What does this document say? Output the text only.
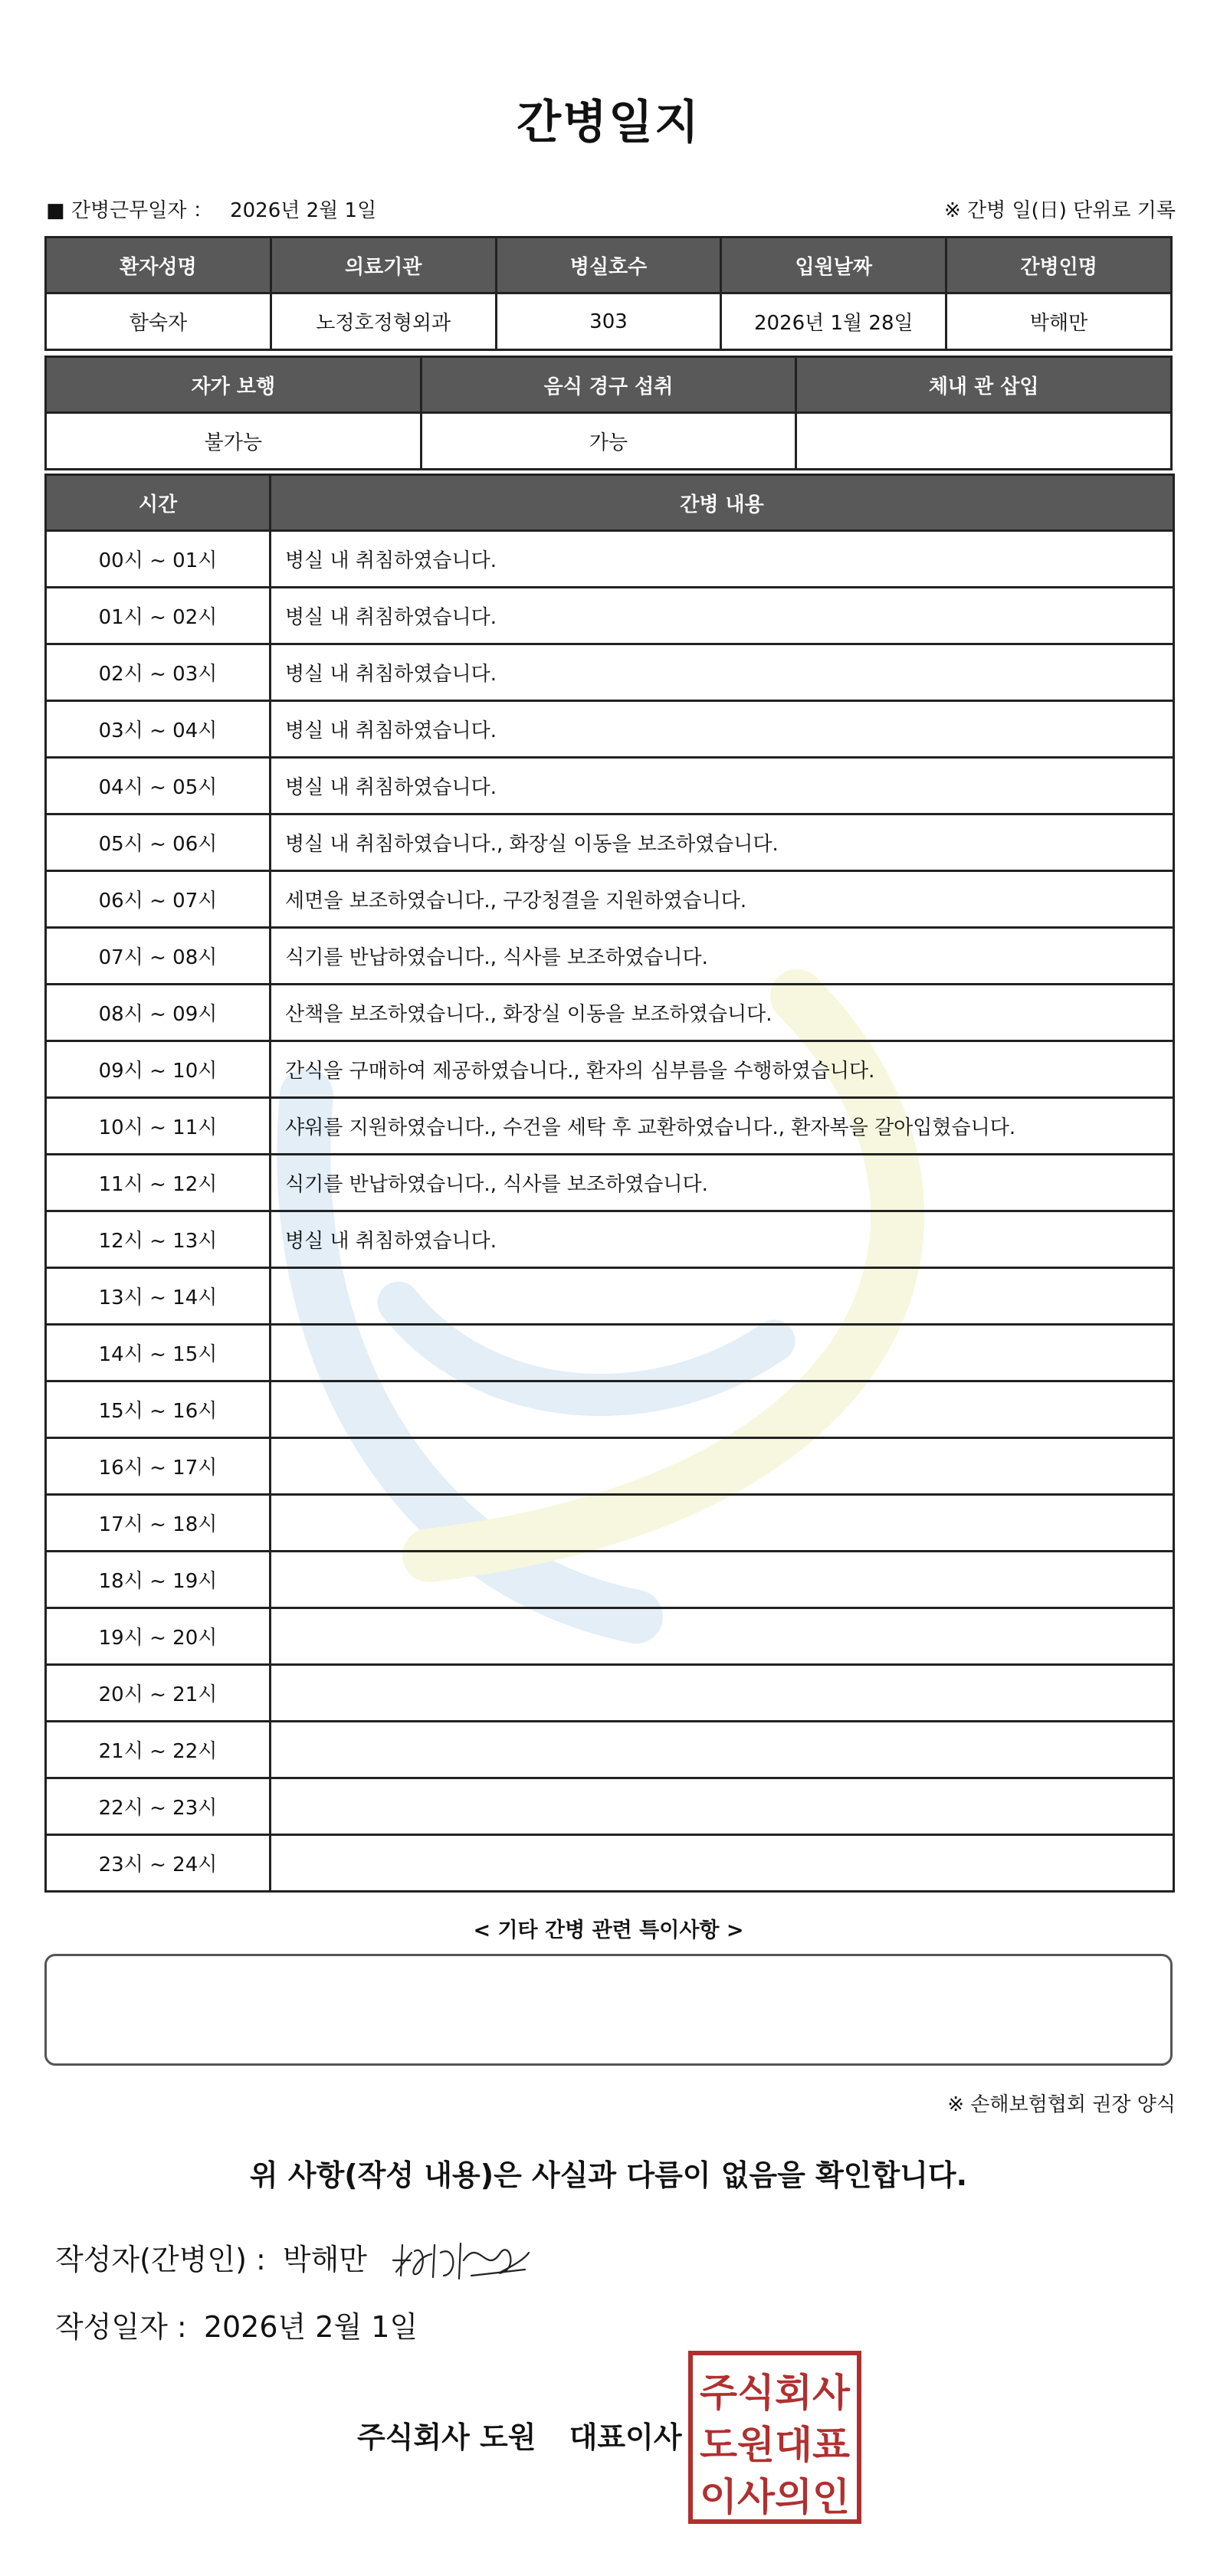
간병일지
■ 간병근무일자 ： 2026년 2월 1일	※ 간병 일(日) 단위로 기록
환자성명	의료기관	병실호수	입원날짜	간병인명
함숙자	노정호정형외과	303	2026년 1월 28일	박해만
자가 보행	음식 경구 섭취	체내 관 삽입
불가능	가능	
시간	간병 내용
00시 ~ 01시	병실 내 취침하였습니다.
01시 ~ 02시	병실 내 취침하였습니다.
02시 ~ 03시	병실 내 취침하였습니다.
03시 ~ 04시	병실 내 취침하였습니다.
04시 ~ 05시	병실 내 취침하였습니다.
05시 ~ 06시	병실 내 취침하였습니다., 화장실 이동을 보조하였습니다.
06시 ~ 07시	세면을 보조하였습니다., 구강청결을 지원하였습니다.
07시 ~ 08시	식기를 반납하였습니다., 식사를 보조하였습니다.
08시 ~ 09시	산책을 보조하였습니다., 화장실 이동을 보조하였습니다.
09시 ~ 10시	간식을 구매하여 제공하였습니다., 환자의 심부름을 수행하였습니다.
10시 ~ 11시	샤워를 지원하였습니다., 수건을 세탁 후 교환하였습니다., 환자복을 갈아입혔습니다.
11시 ~ 12시	식기를 반납하였습니다., 식사를 보조하였습니다.
12시 ~ 13시	병실 내 취침하였습니다.
13시 ~ 14시	
14시 ~ 15시	
15시 ~ 16시	
16시 ~ 17시	
17시 ~ 18시	
18시 ~ 19시	
19시 ~ 20시	
20시 ~ 21시	
21시 ~ 22시	
22시 ~ 23시	
23시 ~ 24시	
< 기타 간병 관련 특이사항 >
※ 손해보험협회 권장 양식
위 사항(작성 내용)은 사실과 다름이 없음을 확인합니다.
작성자(간병인) : 박해만
작성일자 : 2026년 2월 1일
주식회사 도원 대표이사
주식회사
도원대표
이사의인
